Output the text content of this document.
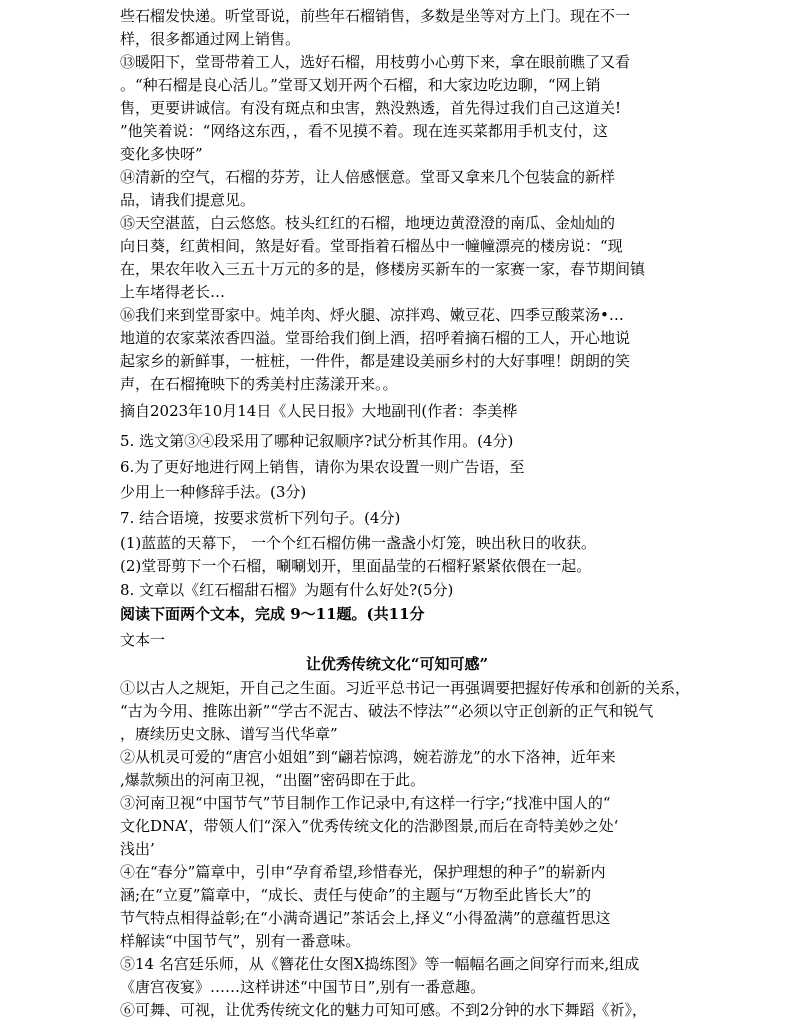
些石榴发快递。听堂哥说，前些年石榴销售，多数是坐等对方上门。现在不一
样，很多都通过网上销售。
⑬暖阳下，堂哥带着工人，选好石榴，用枝剪小心剪下来，拿在眼前瞧了又看
。“种石榴是良心活儿。”堂哥又划开两个石榴，和大家边吃边聊，“网上销
售，更要讲诚信。有没有斑点和虫害，熟没熟透，首先得过我们自己这道关!
”他笑着说：“网络这东西，，看不见摸不着。现在连买菜都用手机支付，这
变化多快呀”
⑭清新的空气，石榴的芬芳，让人倍感惬意。堂哥又拿来几个包装盒的新样
品，请我们提意见。
⑮天空湛蓝，白云悠悠。枝头红红的石榴，地埂边黄澄澄的南瓜、金灿灿的
向日葵，红黄相间，煞是好看。堂哥指着石榴丛中一幢幢漂亮的楼房说：“现
在，果农年收入三五十万元的多的是，修楼房买新车的一家赛一家，春节期间镇
上车堵得老长…
⑯我们来到堂哥家中。炖羊肉、烀火腿、凉拌鸡、嫩豆花、四季豆酸菜汤•…
地道的农家菜浓香四溢。堂哥给我们倒上酒，招呼着摘石榴的工人，开心地说
起家乡的新鲜事，一桩桩，一件件，都是建设美丽乡村的大好事哩！朗朗的笑
声，在石榴掩映下的秀美村庄荡漾开来。。
摘自2023年10月14日《人民日报》大地副刊(作者：李美桦
5. 选文第③④段采用了哪种记叙顺序?试分析其作用。(4分)
6.为了更好地进行网上销售，请你为果农设置一则广告语，至
少用上一种修辞手法。(3分)
7. 结合语境，按要求赏析下列句子。(4分)
(1)蓝蓝的天幕下， 一个个红石榴仿佛一盏盏小灯笼，映出秋日的收获。
(2)堂哥剪下一个石榴，唰唰划开，里面晶莹的石榴籽紧紧依偎在一起。
8. 文章以《红石榴甜石榴》为题有什么好处?(5分)
阅读下面两个文本，完成 9～11题。(共11分
文本一
让优秀传统文化“可知可感”
①以古人之规矩，开自己之生面。习近平总书记一再强调要把握好传承和创新的关系，
“古为今用、推陈出新”“学古不泥古、破法不悖法”“必须以守正创新的正气和锐气
，赓续历史文脉、谱写当代华章”
②从机灵可爱的“唐宫小姐姐”到“翩若惊鸿，婉若游龙”的水下洛神，近年来
,爆款频出的河南卫视，“出圈”密码即在于此。
③河南卫视“中国节气”节目制作工作记录中,有这样一行字;“找准中国人的“
文化DNA’，带领人们“深入”优秀传统文化的浩渺图景,而后在奇特美妙之处‘
浅出’
④在“春分”篇章中，引申“孕育希望,珍惜春光，保护理想的种子”的崭新内
涵;在“立夏”篇章中，“成长、责任与使命”的主题与“万物至此皆长大”的
节气特点相得益彰;在“小满奇遇记”茶话会上,择义“小得盈满”的意蕴哲思这
样解读“中国节气”，别有一番意味。
⑤14 名宫廷乐师，从《簪花仕女图X捣练图》等一幅幅名画之间穿行而来,组成
《唐宫夜宴》……这样讲述“中国节日”,别有一番意趣。
⑥可舞、可视，让优秀传统文化的魅力可知可感。不到2分钟的水下舞蹈《祈》，
